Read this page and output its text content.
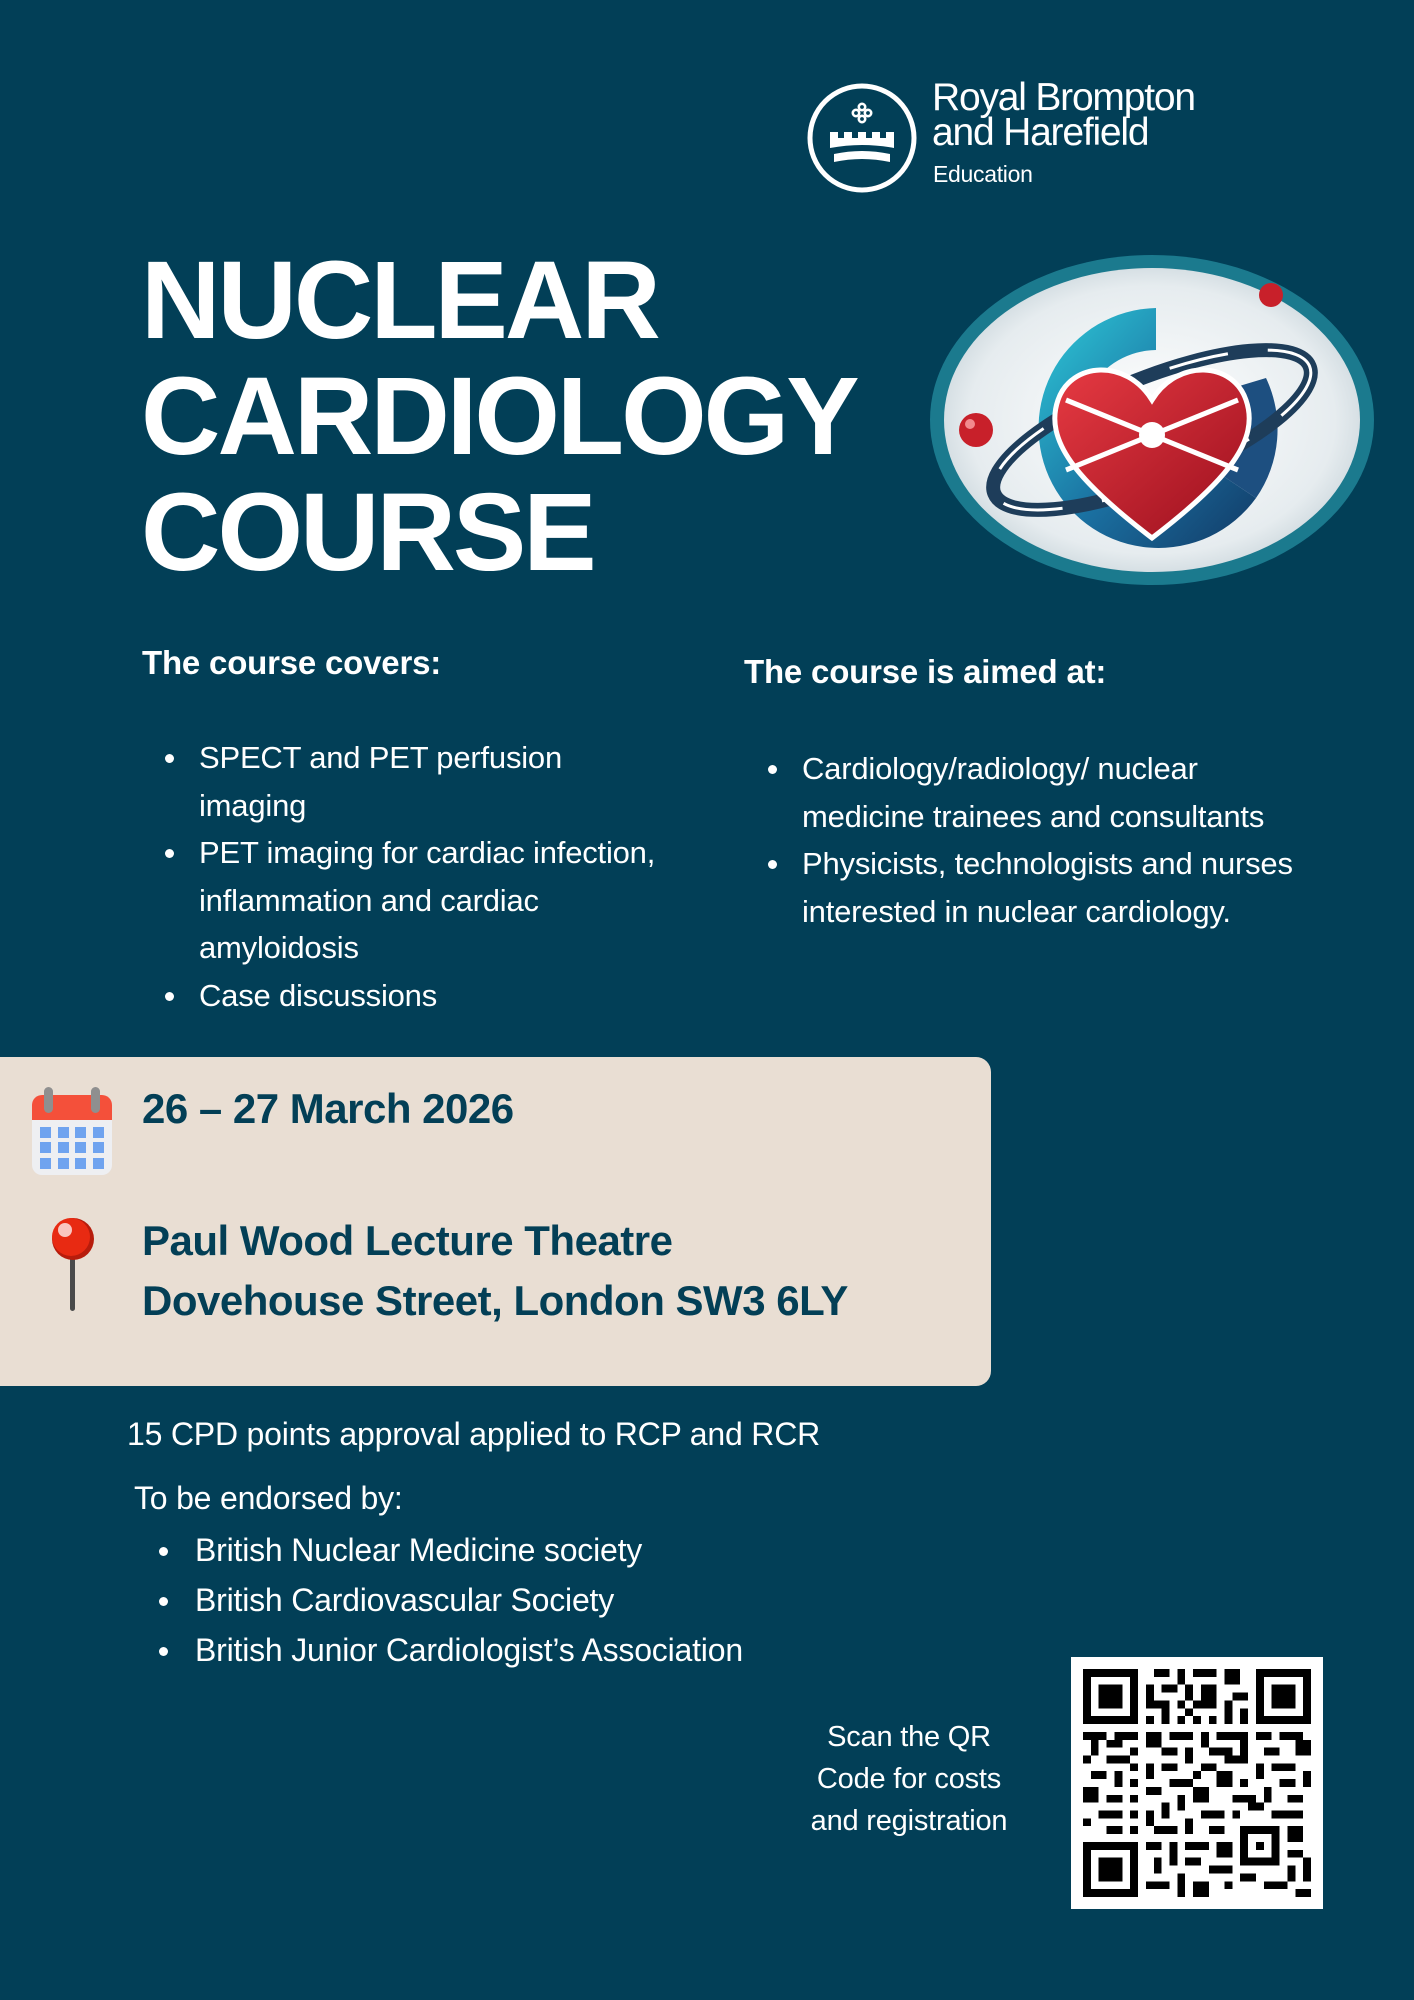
Royal Brompton
and Harefield
Education
NUCLEAR
CARDIOLOGY
COURSE
The course covers:
SPECT and PET perfusion imaging
PET imaging for cardiac infection, inflammation and cardiac amyloidosis
Case discussions
The course is aimed at:
Cardiology/radiology/ nuclear medicine trainees and consultants
Physicists, technologists and nurses interested in nuclear cardiology.
26 – 27 March 2026
Paul Wood Lecture Theatre
Dovehouse Street, London SW3 6LY
15 CPD points approval applied to RCP and RCR
To be endorsed by:
British Nuclear Medicine society
British Cardiovascular Society
British Junior Cardiologist’s Association
Scan the QR
Code for costs
and registration
